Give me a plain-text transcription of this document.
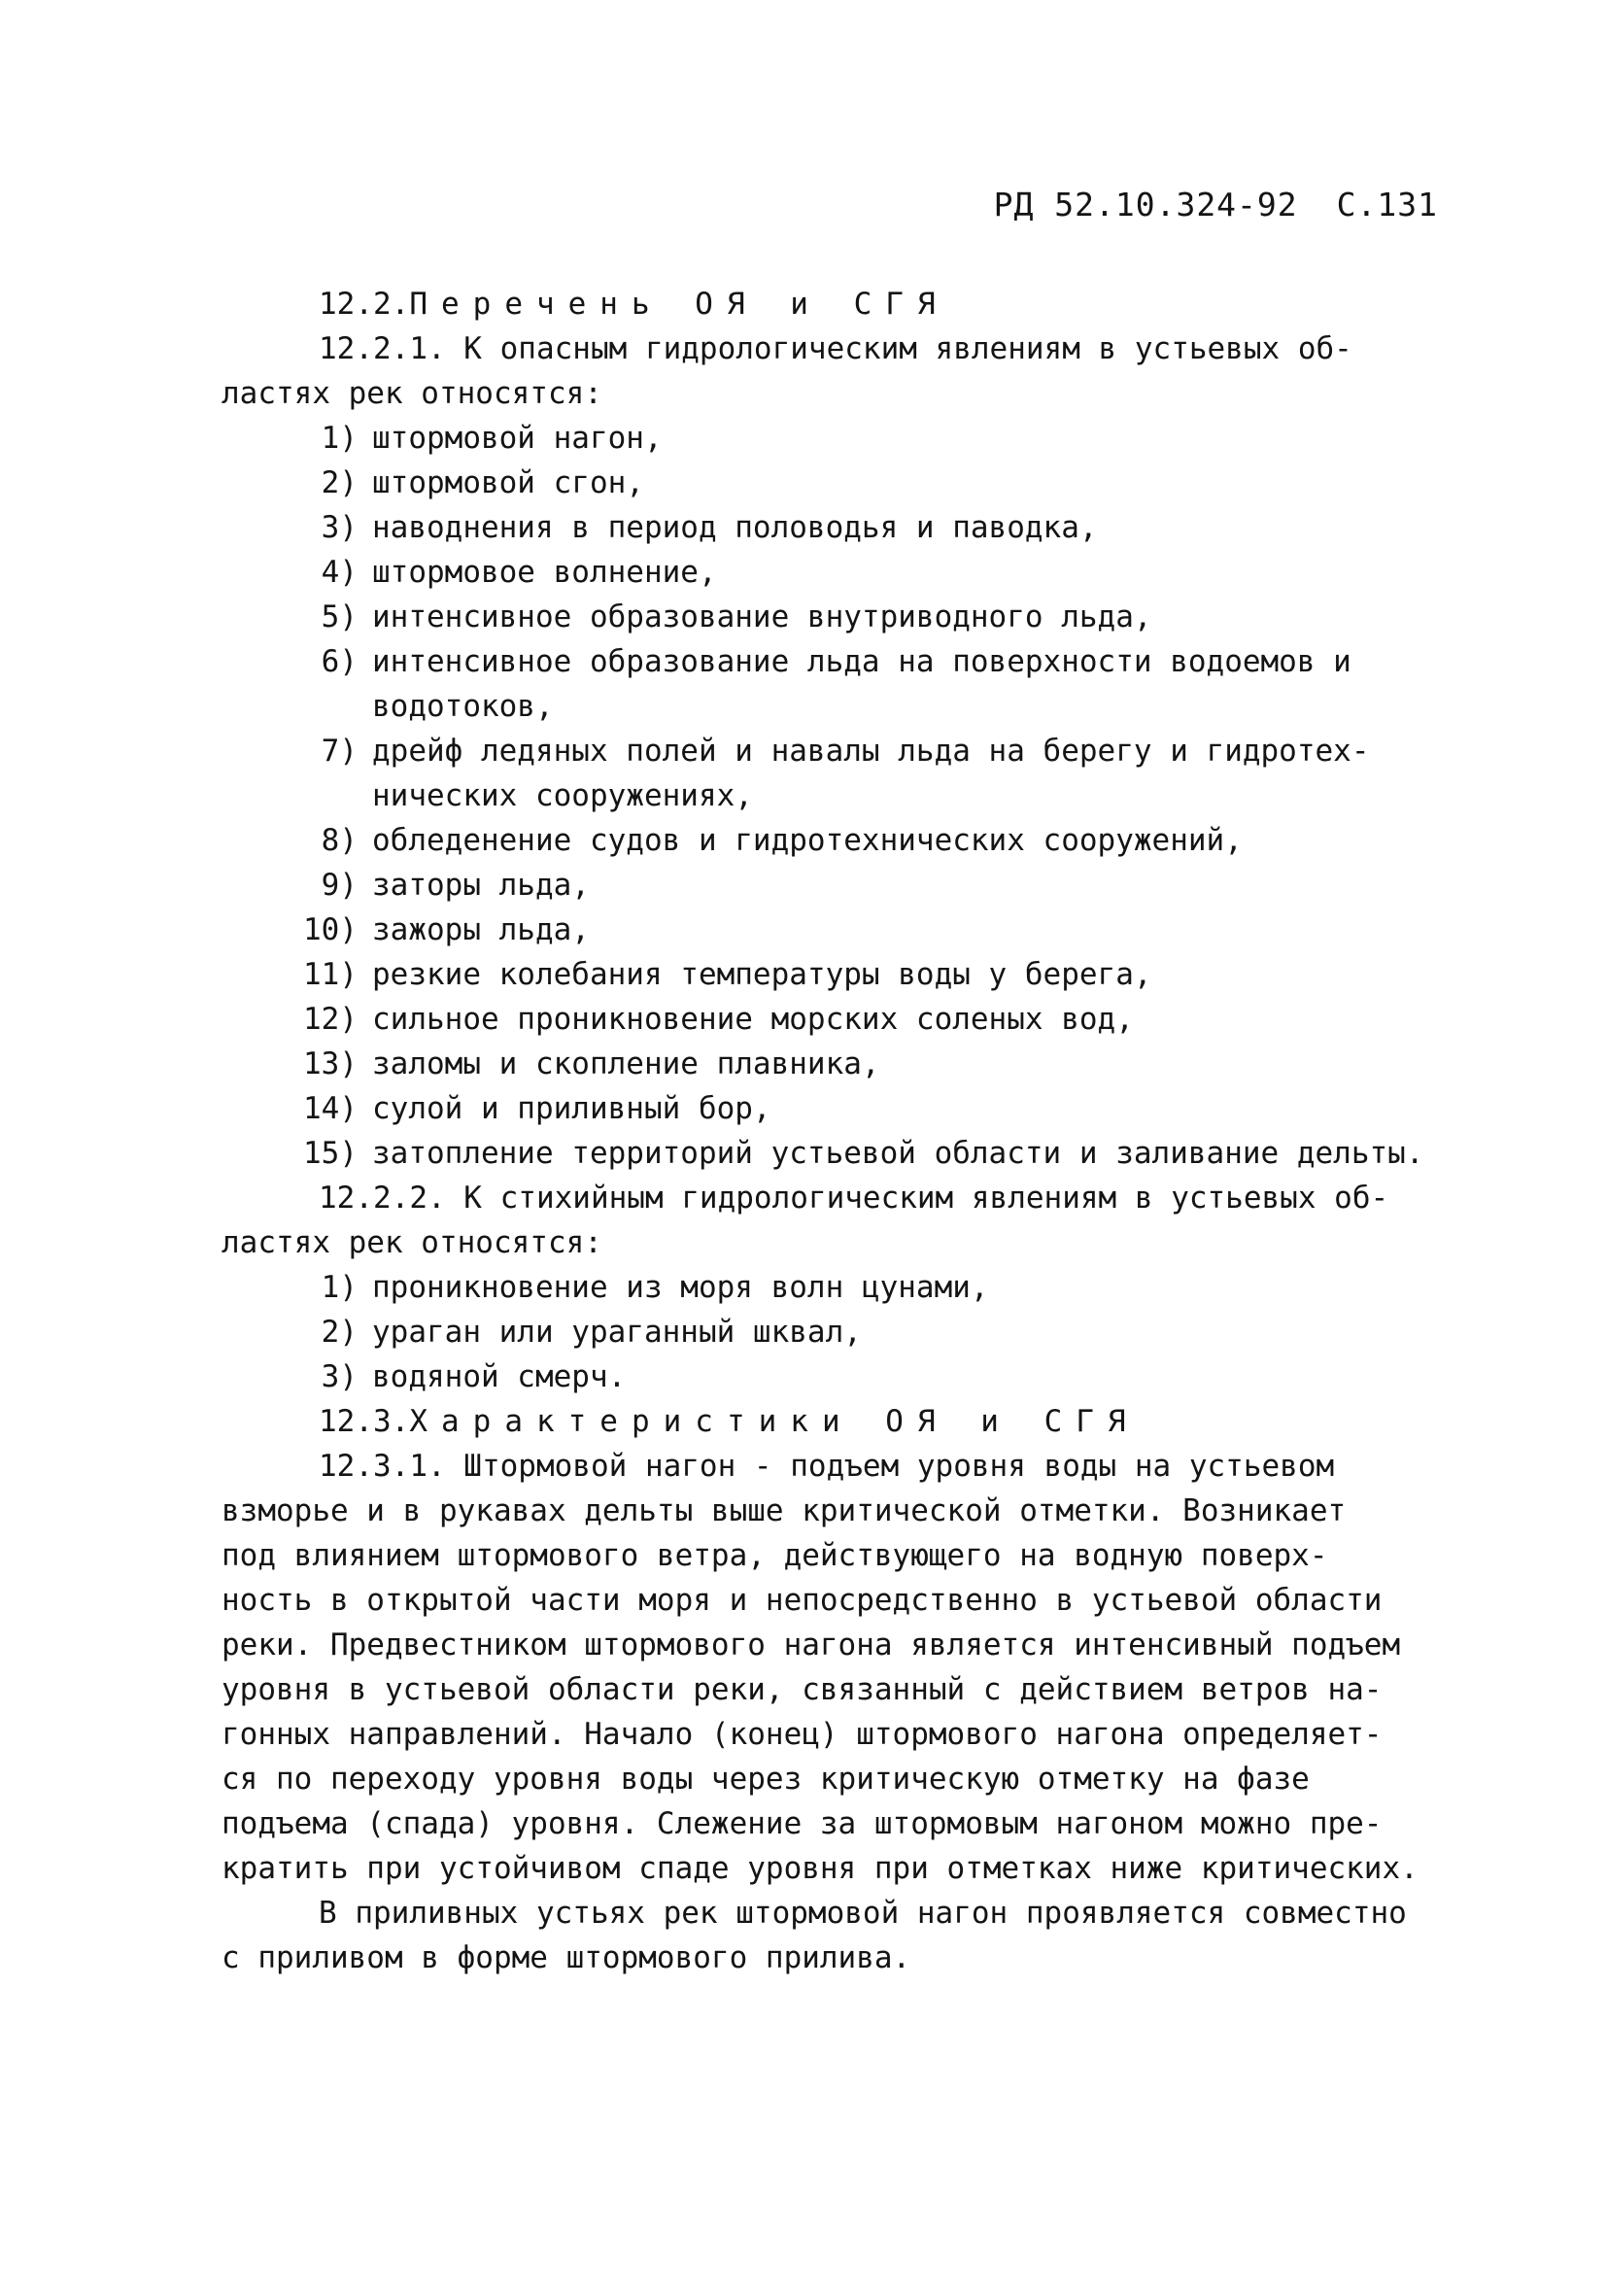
РД 52.10.324-92 С.131
12.2.Перечень ОЯ и СГЯ
12.2.1. К опасным гидрологическим явлениям в устьевых об-
ластях рек относятся:
1) штормовой нагон,
2) штормовой сгон,
3) наводнения в период половодья и паводка,
4) штормовое волнение,
5) интенсивное образование внутриводного льда,
6) интенсивное образование льда на поверхности водоемов и
водотоков,
7) дрейф ледяных полей и навалы льда на берегу и гидротех-
нических сооружениях,
8) обледенение судов и гидротехнических сооружений,
9) заторы льда,
10) зажоры льда,
11) резкие колебания температуры воды у берега,
12) сильное проникновение морских соленых вод,
13) заломы и скопление плавника,
14) сулой и приливный бор,
15) затопление территорий устьевой области и заливание дельты.
12.2.2. К стихийным гидрологическим явлениям в устьевых об-
ластях рек относятся:
1) проникновение из моря волн цунами,
2) ураган или ураганный шквал,
3) водяной смерч.
12.3.Характеристики ОЯ и СГЯ
12.3.1. Штормовой нагон - подъем уровня воды на устьевом
взморье и в рукавах дельты выше критической отметки. Возникает
под влиянием штормового ветра, действующего на водную поверх-
ность в открытой части моря и непосредственно в устьевой области
реки. Предвестником штормового нагона является интенсивный подъем
уровня в устьевой области реки, связанный с действием ветров на-
гонных направлений. Начало (конец) штормового нагона определяет-
ся по переходу уровня воды через критическую отметку на фазе
подъема (спада) уровня. Слежение за штормовым нагоном можно пре-
кратить при устойчивом спаде уровня при отметках ниже критических.
В приливных устьях рек штормовой нагон проявляется совместно
с приливом в форме штормового прилива.
